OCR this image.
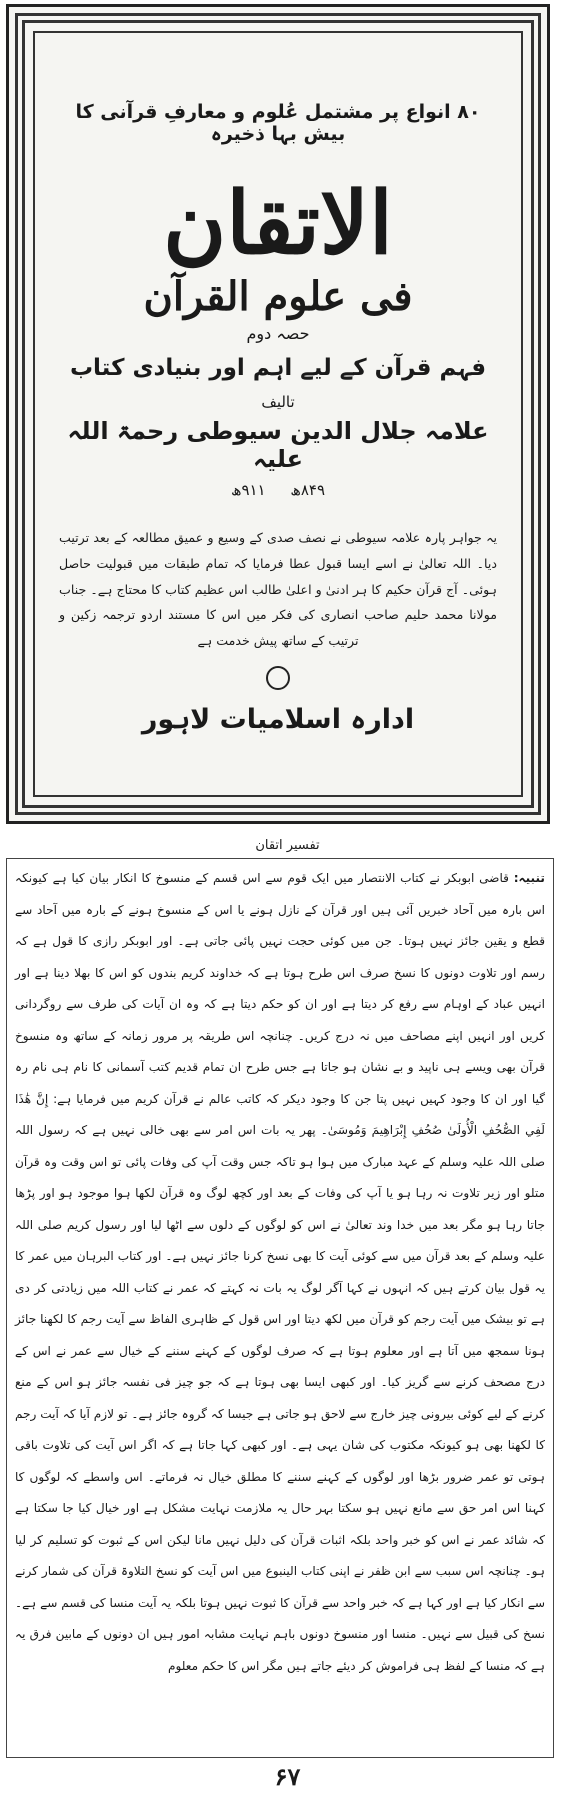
۸۰ انواع پر مشتمل عُلوم و معارفِ قرآنی کا بیش بہا ذخیرہ
الاتقان
فی علوم القرآن
حصہ دوم
فہم قرآن کے لیے اہم اور بنیادی کتاب
تالیف
علامہ جلال الدین سیوطی رحمۃ اللہ علیہ
۸۴۹ھ ۹۱۱ھ
یہ جواہر پارہ علامہ سیوطی نے نصف صدی کے وسیع و عمیق مطالعہ کے بعد ترتیب دیا۔ اللہ تعالیٰ نے اسے ایسا قبول عطا فرمایا کہ تمام طبقات میں قبولیت حاصل ہوئی۔ آج قرآن حکیم کا ہر ادنیٰ و اعلیٰ طالب اس عظیم کتاب کا محتاج ہے۔ جناب مولانا محمد حلیم صاحب انصاری کی فکر میں اس کا مستند اردو ترجمہ زکین و ترتیب کے ساتھ پیش خدمت ہے
ادارہ اسلامیات لاہور
تفسیر اتقان

تنبیہ: قاضی ابوبکر نے کتاب الانتصار میں ایک قوم سے اس قسم کے منسوخ کا انکار بیان کیا ہے کیونکہ اس بارہ میں آحاد خبریں آئی ہیں اور قرآن کے نازل ہونے یا اس کے منسوخ ہونے کے بارہ میں آحاد سے قطع و یقین جائز نہیں ہوتا۔ جن میں کوئی حجت نہیں پائی جاتی ہے۔ اور ابوبکر رازی کا قول ہے کہ رسم اور تلاوت دونوں کا نسخ صرف اس طرح ہوتا ہے کہ خداوند کریم بندوں کو اس کا بھلا دینا ہے اور انہیں عباد کے اوہام سے رفع کر دیتا ہے اور ان کو حکم دیتا ہے کہ وہ ان آیات کی طرف سے روگردانی کریں اور انہیں اپنے مصاحف میں نہ درج کریں۔ چنانچہ اس طریقہ پر مرور زمانہ کے ساتھ وہ منسوخ قرآن بھی ویسے ہی ناپید و بے نشان ہو جاتا ہے جس طرح ان تمام قدیم کتب آسمانی کا نام ہی نام رہ گیا اور ان کا وجود کہیں نہیں پتا جن کا وجود دیکر کہ کاتب عالم نے قرآن کریم میں فرمایا ہے: إِنَّ هَٰذَا لَفِي الصُّحُفِ الْأُولَىٰ صُحُفِ إِبْرَاهِيمَ وَمُوسَىٰ۔ پھر یہ بات اس امر سے بھی خالی نہیں ہے کہ رسول اللہ صلی اللہ علیہ وسلم کے عہد مبارک میں ہوا ہو تاکہ جس وقت آپ کی وفات پائی تو اس وقت وہ قرآن متلو اور زیر تلاوت نہ رہا ہو یا آپ کی وفات کے بعد اور کچھ لوگ وہ قرآن لکھا ہوا موجود ہو اور پڑھا جاتا رہا ہو مگر بعد میں خدا وند تعالیٰ نے اس کو لوگوں کے دلوں سے اٹھا لیا اور رسول کریم صلی اللہ علیہ وسلم کے بعد قرآن میں سے کوئی آیت کا بھی نسخ کرنا جائز نہیں ہے۔ اور کتاب البرہان میں عمر کا یہ قول بیان کرتے ہیں کہ انہوں نے کہا آگر لوگ یہ بات نہ کہتے کہ عمر نے کتاب اللہ میں زیادتی کر دی ہے تو بیشک میں آیت رجم کو قرآن میں لکھ دیتا اور اس قول کے ظاہری الفاظ سے آیت رجم کا لکھنا جائز ہونا سمجھ میں آتا ہے اور معلوم ہوتا ہے کہ صرف لوگوں کے کہنے سننے کے خیال سے عمر نے اس کے درج مصحف کرنے سے گریز کیا۔ اور کبھی ایسا بھی ہوتا ہے کہ جو چیز فی نفسہ جائز ہو اس کے منع کرنے کے لیے کوئی بیرونی چیز خارج سے لاحق ہو جاتی ہے جیسا کہ گروہ جائز ہے۔ تو لازم آیا کہ آیت رجم کا لکھنا بھی ہو کیونکہ مکتوب کی شان یہی ہے۔ اور کبھی کہا جاتا ہے کہ اگر اس آیت کی تلاوت باقی ہوتی تو عمر ضرور بڑھا اور لوگوں کے کہنے سننے کا مطلق خیال نہ فرماتے۔ اس واسطے کہ لوگوں کا کہنا اس امر حق سے مانع نہیں ہو سکتا بہر حال یہ ملازمت نہایت مشکل ہے اور خیال کیا جا سکتا ہے کہ شائد عمر نے اس کو خبر واحد بلکہ اثبات قرآن کی دلیل نہیں مانا لیکن اس کے ثبوت کو تسلیم کر لیا ہو۔ چنانچہ اس سبب سے ابن ظفر نے اپنی کتاب الینبوع میں اس آیت کو نسخ التلاوۃ قرآن کی شمار کرنے سے انکار کیا ہے اور کہا ہے کہ خبر واحد سے قرآن کا ثبوت نہیں ہوتا بلکہ یہ آیت منسا کی قسم سے ہے۔ نسخ کی قبیل سے نہیں۔ منسا اور منسوخ دونوں باہم نہایت مشابہ امور ہیں ان دونوں کے مابین فرق یہ ہے کہ منسا کے لفظ ہی فراموش کر دیئے جاتے ہیں مگر اس کا حکم معلوم

۶۷
